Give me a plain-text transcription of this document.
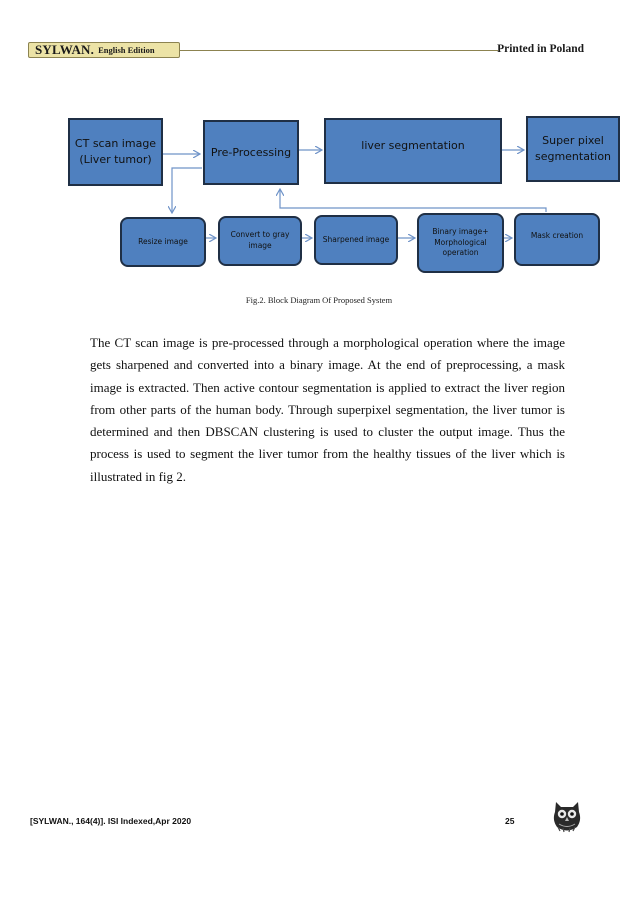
SYLWAN. English Edition	Printed in Poland
CT scan image
(Liver tumor)
Pre-Processing
liver segmentation	Super pixel
segmentation
Resize image
Convert to gray
image
Sharpened image
Binary image+
Morphological
operation
Mask creation
Fig.2. Block Diagram Of Proposed System

The CT scan image is pre-processed through a morphological operation where the image gets sharpened and converted into a binary image. At the end of preprocessing, a mask image is extracted. Then active contour segmentation is applied to extract the liver region from other parts of the human body. Through superpixel segmentation, the liver tumor is determined and then DBSCAN clustering is used to cluster the output image. Thus the process is used to segment the liver tumor from the healthy tissues of the liver which is illustrated in fig 2.

[SYLWAN., 164(4)]. ISI Indexed,Apr 2020	25
